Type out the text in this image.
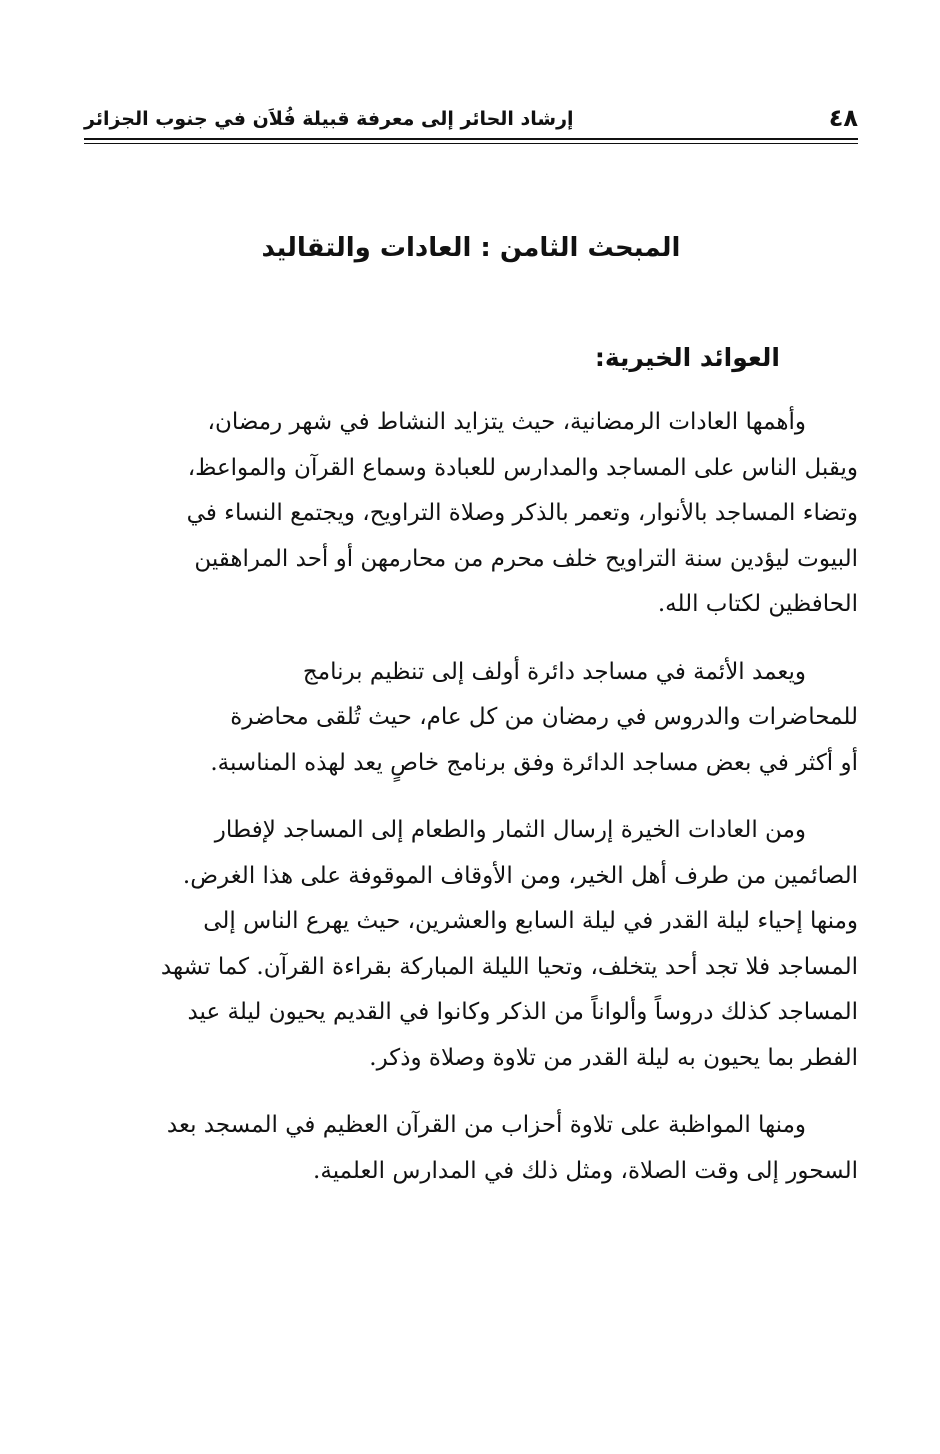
٤٨
إرشاد الحائر إلى معرفة قبيلة فُلاَن في جنوب الجزائر
المبحث الثامن : العادات والتقاليد
العوائد الخيرية:

وأهمها العادات الرمضانية، حيث يتزايد النشاط في شهر رمضان،
ويقبل الناس على المساجد والمدارس للعبادة وسماع القرآن والمواعظ،
وتضاء المساجد بالأنوار، وتعمر بالذكر وصلاة التراويح، ويجتمع النساء في
البيوت ليؤدين سنة التراويح خلف محرم من محارمهن أو أحد المراهقين
الحافظين لكتاب الله.

ويعمد الأئمة في مساجد دائرة أولف إلى تنظيم برنامج
للمحاضرات والدروس في رمضان من كل عام، حيث تُلقى محاضرة
أو أكثر في بعض مساجد الدائرة وفق برنامج خاصٍ يعد لهذه المناسبة.

ومن العادات الخيرة إرسال الثمار والطعام إلى المساجد لإفطار
الصائمين من طرف أهل الخير، ومن الأوقاف الموقوفة على هذا الغرض.
ومنها إحياء ليلة القدر في ليلة السابع والعشرين، حيث يهرع الناس إلى
المساجد فلا تجد أحد يتخلف، وتحيا الليلة المباركة بقراءة القرآن. كما تشهد
المساجد كذلك دروساً وألواناً من الذكر وكانوا في القديم يحيون ليلة عيد
الفطر بما يحيون به ليلة القدر من تلاوة وصلاة وذكر.

ومنها المواظبة على تلاوة أحزاب من القرآن العظيم في المسجد بعد
السحور إلى وقت الصلاة، ومثل ذلك في المدارس العلمية.
